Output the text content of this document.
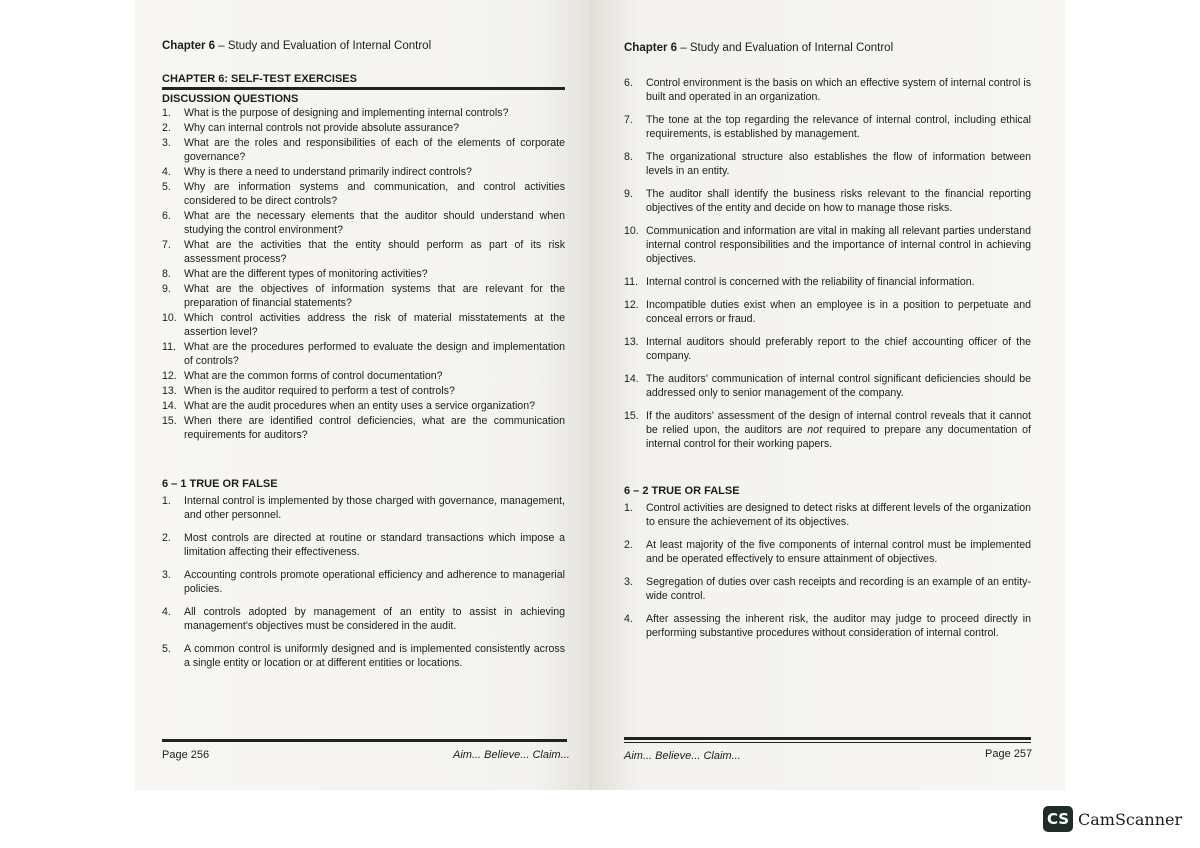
Chapter 6 – Study and Evaluation of Internal Control
CHAPTER 6: SELF-TEST EXERCISES
DISCUSSION QUESTIONS
1. What is the purpose of designing and implementing internal controls?
2. Why can internal controls not provide absolute assurance?
3. What are the roles and responsibilities of each of the elements of corporate governance?
4. Why is there a need to understand primarily indirect controls?
5. Why are information systems and communication, and control activities considered to be direct controls?
6. What are the necessary elements that the auditor should understand when studying the control environment?
7. What are the activities that the entity should perform as part of its risk assessment process?
8. What are the different types of monitoring activities?
9. What are the objectives of information systems that are relevant for the preparation of financial statements?
10. Which control activities address the risk of material misstatements at the assertion level?
11. What are the procedures performed to evaluate the design and implementation of controls?
12. What are the common forms of control documentation?
13. When is the auditor required to perform a test of controls?
14. What are the audit procedures when an entity uses a service organization?
15. When there are identified control deficiencies, what are the communication requirements for auditors?
6 – 1 TRUE OR FALSE
1. Internal control is implemented by those charged with governance, management, and other personnel.
2. Most controls are directed at routine or standard transactions which impose a limitation affecting their effectiveness.
3. Accounting controls promote operational efficiency and adherence to managerial policies.
4. All controls adopted by management of an entity to assist in achieving management's objectives must be considered in the audit.
5. A common control is uniformly designed and is implemented consistently across a single entity or location or at different entities or locations.
Page 256	Aim... Believe... Claim...
Chapter 6 – Study and Evaluation of Internal Control
6. Control environment is the basis on which an effective system of internal control is built and operated in an organization.
7. The tone at the top regarding the relevance of internal control, including ethical requirements, is established by management.
8. The organizational structure also establishes the flow of information between levels in an entity.
9. The auditor shall identify the business risks relevant to the financial reporting objectives of the entity and decide on how to manage those risks.
10. Communication and information are vital in making all relevant parties understand internal control responsibilities and the importance of internal control in achieving objectives.
11. Internal control is concerned with the reliability of financial information.
12. Incompatible duties exist when an employee is in a position to perpetuate and conceal errors or fraud.
13. Internal auditors should preferably report to the chief accounting officer of the company.
14. The auditors' communication of internal control significant deficiencies should be addressed only to senior management of the company.
15. If the auditors' assessment of the design of internal control reveals that it cannot be relied upon, the auditors are not required to prepare any documentation of internal control for their working papers.
6 – 2 TRUE OR FALSE
1. Control activities are designed to detect risks at different levels of the organization to ensure the achievement of its objectives.
2. At least majority of the five components of internal control must be implemented and be operated effectively to ensure attainment of objectives.
3. Segregation of duties over cash receipts and recording is an example of an entity-wide control.
4. After assessing the inherent risk, the auditor may judge to proceed directly in performing substantive procedures without consideration of internal control.
Aim... Believe... Claim...	Page 257
CS CamScanner
